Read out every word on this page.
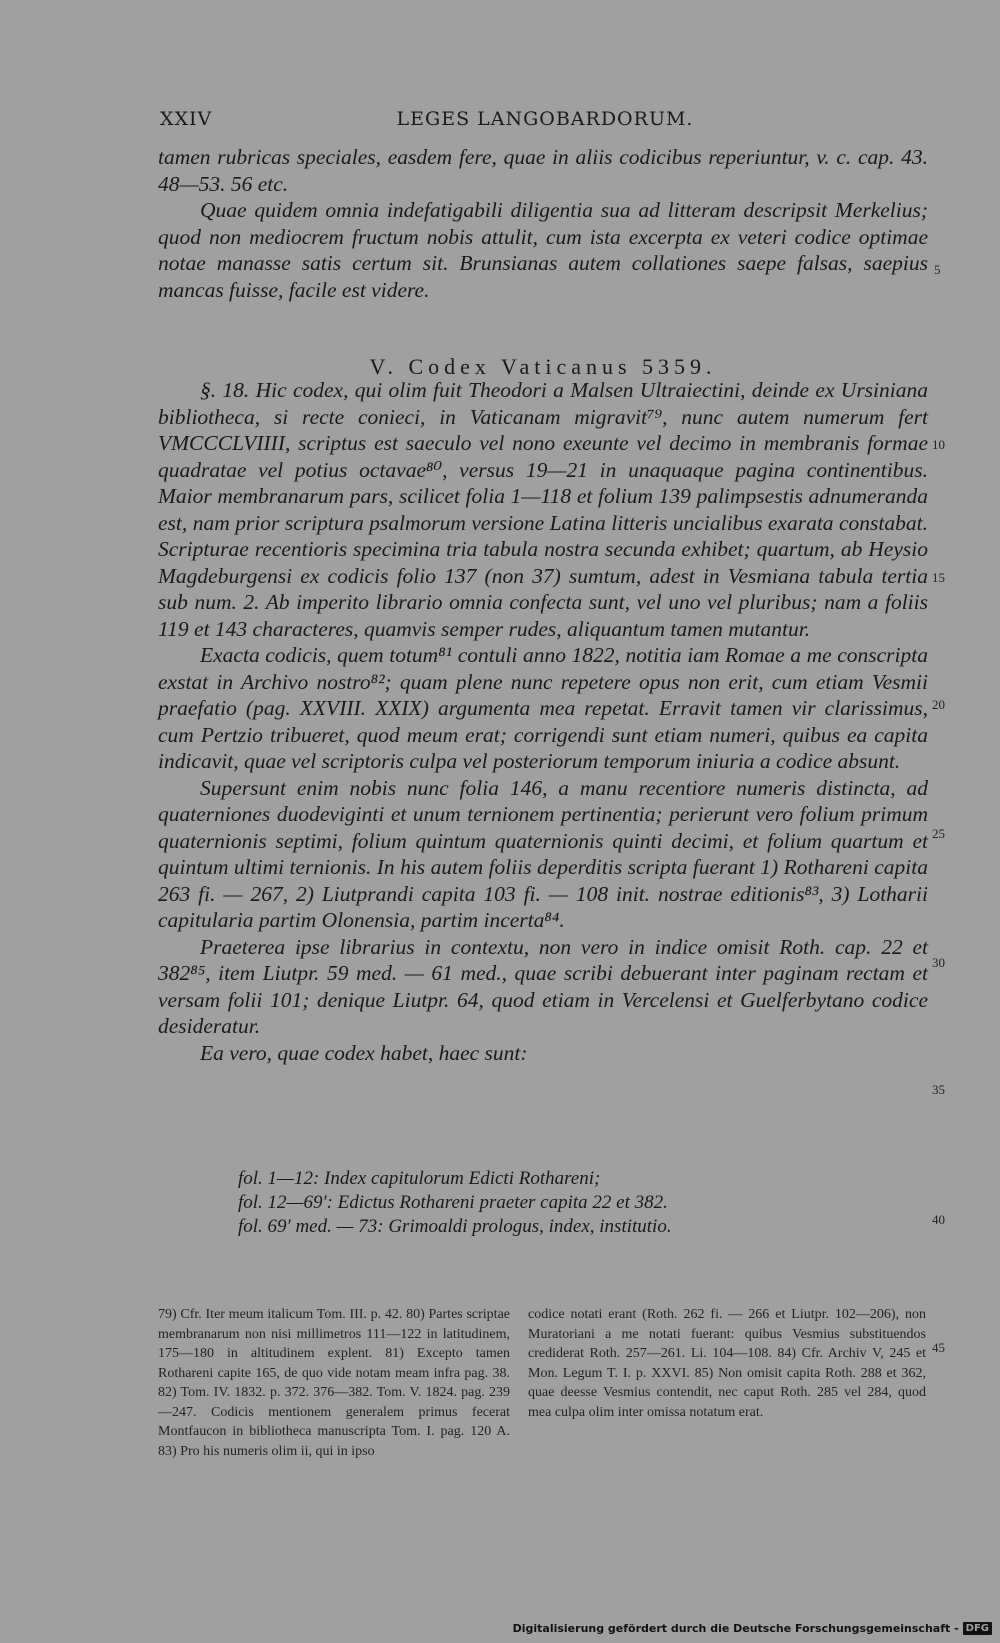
XXIV	LEGES LANGOBARDORUM.

tamen rubricas speciales, easdem fere, quae in aliis codicibus reperiuntur, v. c. cap. 43. 48—53. 56 etc.

Quae quidem omnia indefatigabili diligentia sua ad litteram descripsit Merkelius; quod non mediocrem fructum nobis attulit, cum ista excerpta ex veteri codice optimae notae manasse satis certum sit. Brunsianas autem collationes saepe falsas, saepius mancas fuisse, facile est videre.

V. Codex Vaticanus 5359.

§. 18. Hic codex, qui olim fuit Theodori a Malsen Ultraiectini, deinde ex Ursiniana bibliotheca, si recte conieci, in Vaticanam migravit⁷⁹, nunc autem numerum fert VMCCCLVIIII, scriptus est saeculo vel nono exeunte vel decimo in membranis formae quadratae vel potius octavae⁸⁰, versus 19—21 in unaquaque pagina continentibus. Maior membranarum pars, scilicet folia 1—118 et folium 139 palimpsestis adnumeranda est, nam prior scriptura psalmorum versione Latina litteris uncialibus exarata constabat. Scripturae recentioris specimina tria tabula nostra secunda exhibet; quartum, ab Heysio Magdeburgensi ex codicis folio 137 (non 37) sumtum, adest in Vesmiana tabula tertia sub num. 2. Ab imperito librario omnia confecta sunt, vel uno vel pluribus; nam a foliis 119 et 143 characteres, quamvis semper rudes, aliquantum tamen mutantur.

Exacta codicis, quem totum⁸¹ contuli anno 1822, notitia iam Romae a me conscripta exstat in Archivo nostro⁸²; quam plene nunc repetere opus non erit, cum etiam Vesmii praefatio (pag. XXVIII. XXIX) argumenta mea repetat. Erravit tamen vir clarissimus, cum Pertzio tribueret, quod meum erat; corrigendi sunt etiam numeri, quibus ea capita indicavit, quae vel scriptoris culpa vel posteriorum temporum iniuria a codice absunt.

Supersunt enim nobis nunc folia 146, a manu recentiore numeris distincta, ad quaterniones duodeviginti et unum ternionem pertinentia; perierunt vero folium primum quaternionis septimi, folium quintum quaternionis quinti decimi, et folium quartum et quintum ultimi ternionis. In his autem foliis deperditis scripta fuerant 1) Rothareni capita 263 fi. — 267, 2) Liutprandi capita 103 fi. — 108 init. nostrae editionis⁸³, 3) Lotharii capitularia partim Olonensia, partim incerta⁸⁴.

Praeterea ipse librarius in contextu, non vero in indice omisit Roth. cap. 22 et 382⁸⁵, item Liutpr. 59 med. — 61 med., quae scribi debuerant inter paginam rectam et versam folii 101; denique Liutpr. 64, quod etiam in Vercelensi et Guelferbytano codice desideratur.

Ea vero, quae codex habet, haec sunt:

fol. 1—12: Index capitulorum Edicti Rothareni;
fol. 12—69′: Edictus Rothareni praeter capita 22 et 382.
fol. 69′ med. — 73: Grimoaldi prologus, index, institutio.
5
10
15
20
25
30
35
40
45

79) Cfr. Iter meum italicum Tom. III. p. 42. 80) Partes scriptae membranarum non nisi millimetros 111—122 in latitudinem, 175—180 in altitudinem explent. 81) Excepto tamen Rothareni capite 165, de quo vide notam meam infra pag. 38. 82) Tom. IV. 1832. p. 372. 376—382. Tom. V. 1824. pag. 239—247. Codicis mentionem generalem primus fecerat Montfaucon in bibliotheca manuscripta Tom. I. pag. 120 A. 83) Pro his numeris olim ii, qui in ipso

codice notati erant (Roth. 262 fi. — 266 et Liutpr. 102—206), non Muratoriani a me notati fuerant: quibus Vesmius substituendos crediderat Roth. 257—261. Li. 104—108. 84) Cfr. Archiv V, 245 et Mon. Legum T. I. p. XXVI. 85) Non omisit capita Roth. 288 et 362, quae deesse Vesmius contendit, nec caput Roth. 285 vel 284, quod mea culpa olim inter omissa notatum erat.

Digitalisierung gefördert durch die Deutsche Forschungsgemeinschaft - DFG
